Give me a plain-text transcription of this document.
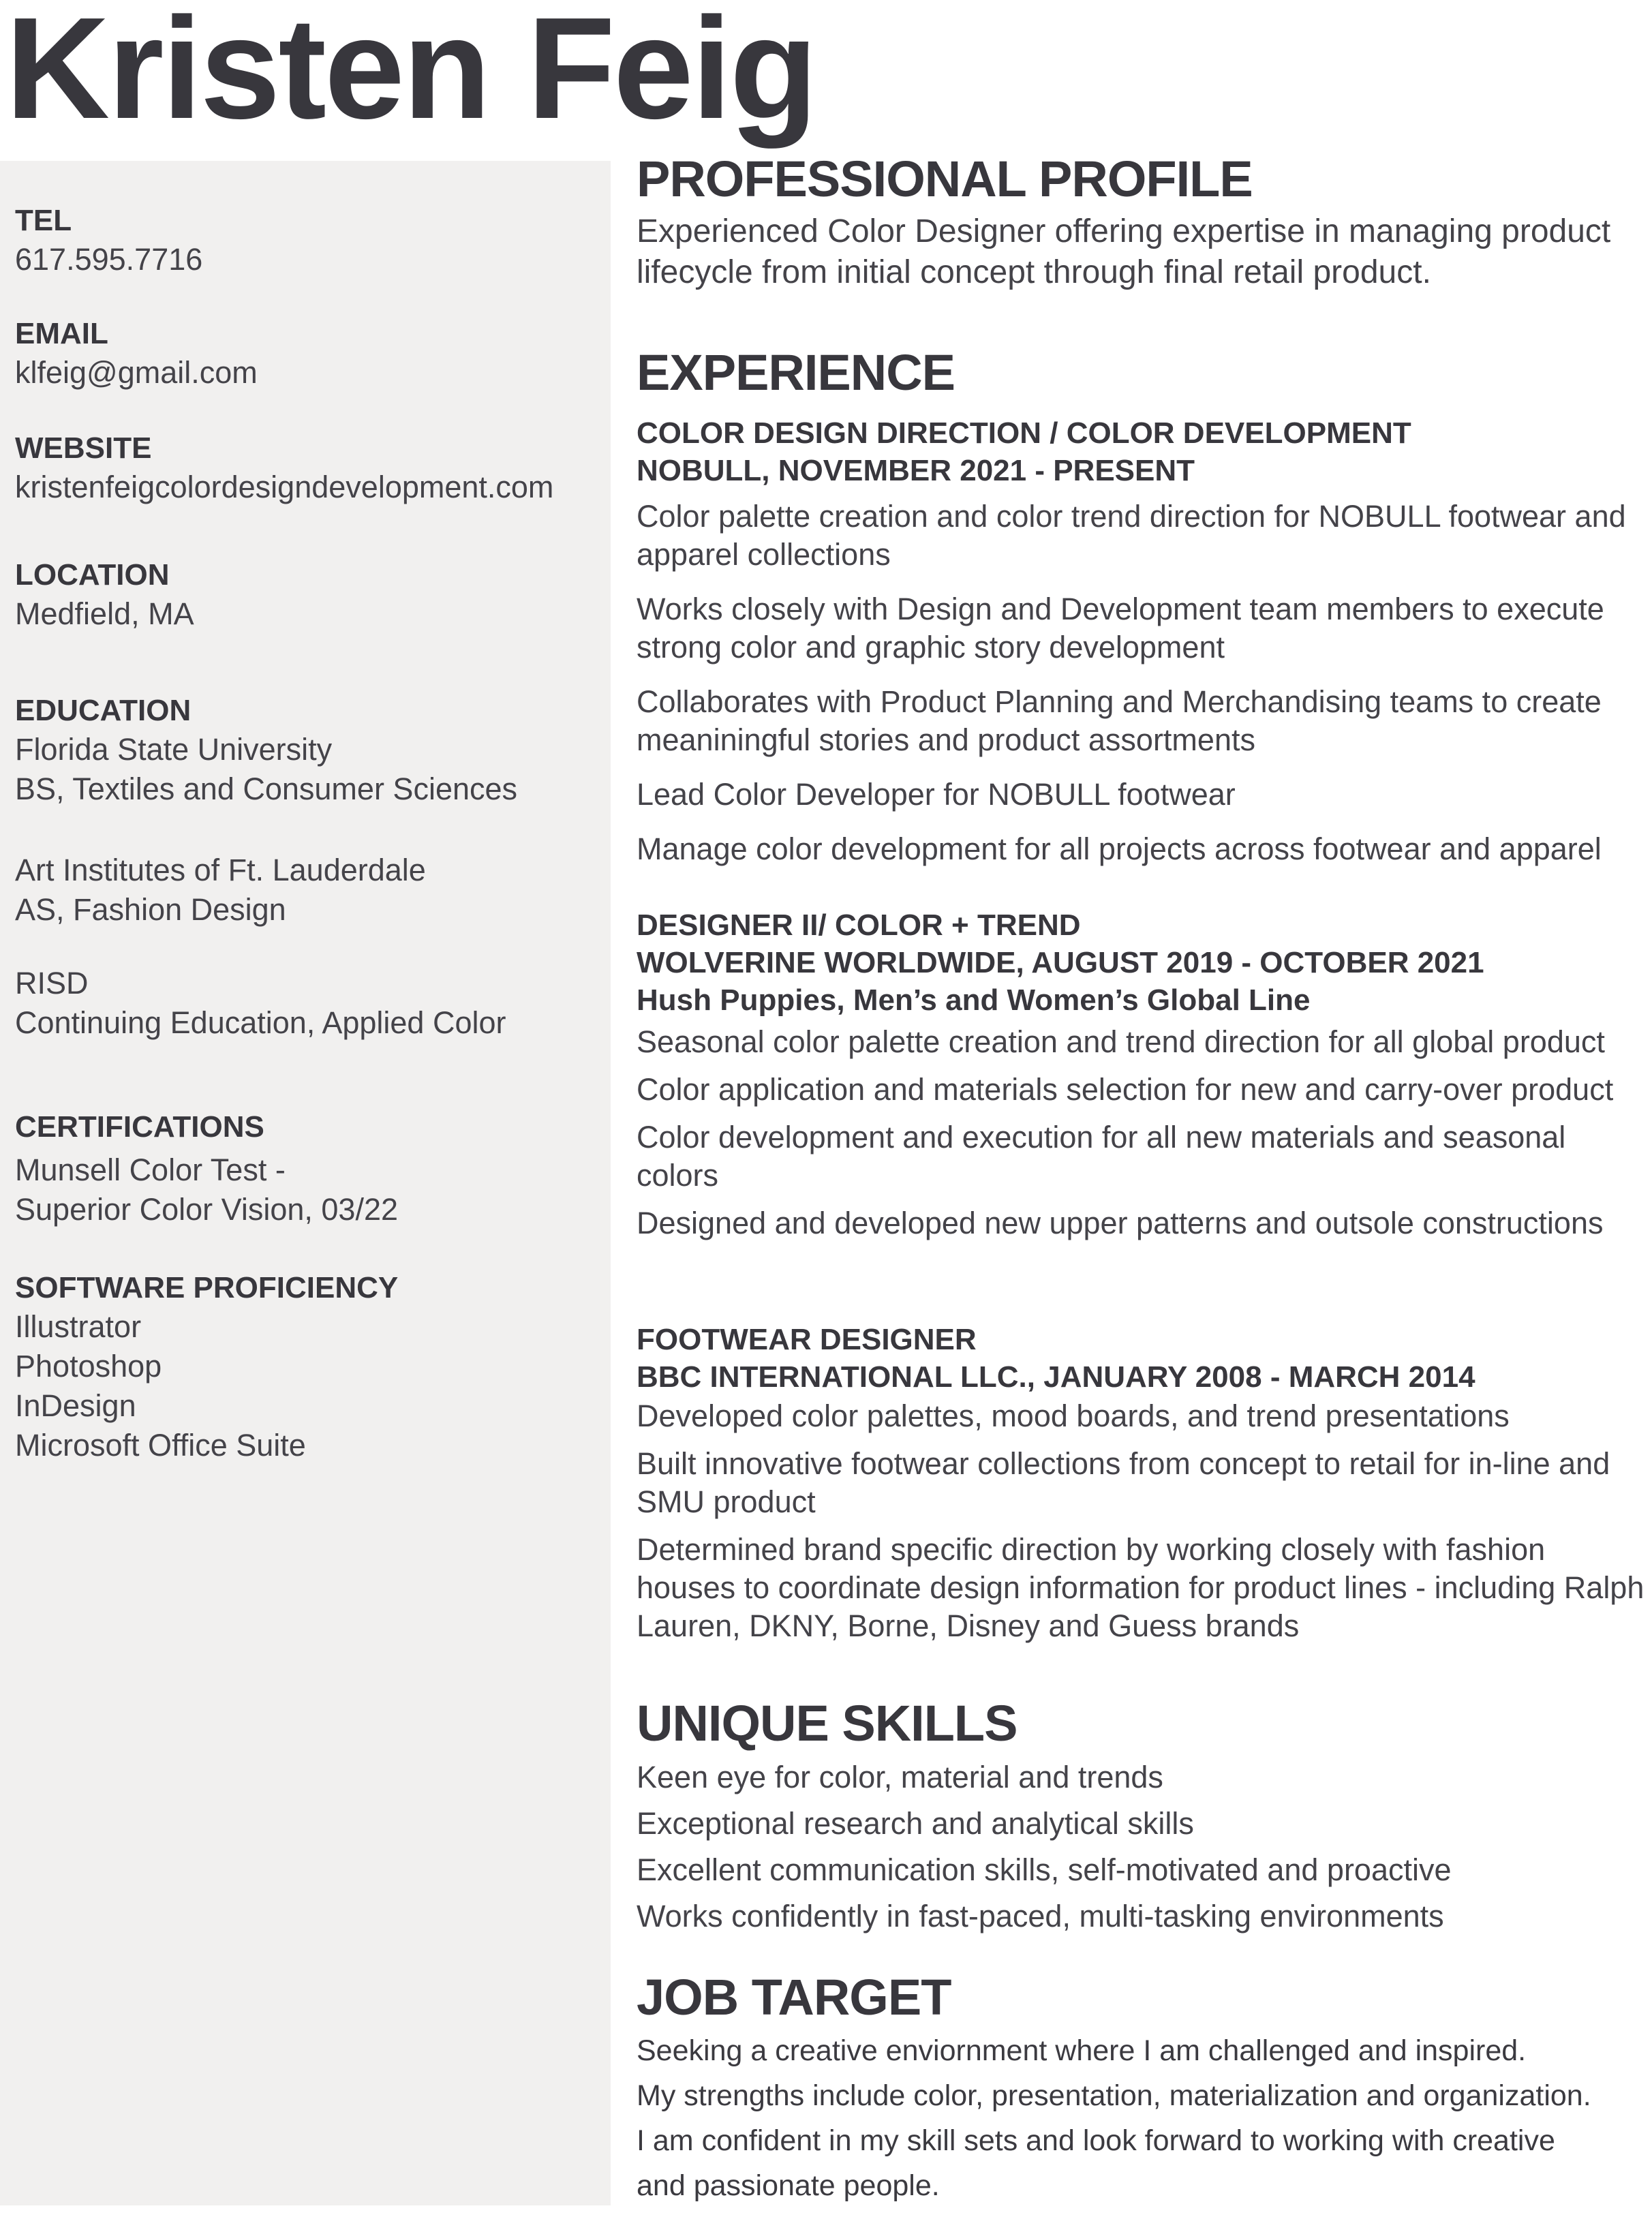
Kristen Feig
TEL
617.595.7716
EMAIL
klfeig@gmail.com
WEBSITE
kristenfeigcolordesigndevelopment.com
LOCATION
Medfield, MA
EDUCATION
Florida State University
BS, Textiles and Consumer Sciences
Art Institutes of Ft. Lauderdale
AS, Fashion Design
RISD
Continuing Education, Applied Color
CERTIFICATIONS
Munsell Color Test -
Superior Color Vision, 03/22
SOFTWARE PROFICIENCY
Illustrator
Photoshop
InDesign
Microsoft Office Suite
PROFESSIONAL PROFILE

Experienced Color Designer offering expertise in managing product lifecycle from initial concept through final retail product.

EXPERIENCE
COLOR DESIGN DIRECTION / COLOR DEVELOPMENT
NOBULL, NOVEMBER 2021 - PRESENT

Color palette creation and color trend direction for NOBULL footwear and apparel collections

Works closely with Design and Development team members to execute strong color and graphic story development

Collaborates with Product Planning and Merchandising teams to create meaniningful stories and product assortments

Lead Color Developer for NOBULL footwear

Manage color development for all projects across footwear and apparel

DESIGNER II/ COLOR + TREND
WOLVERINE WORLDWIDE, AUGUST 2019 - OCTOBER 2021
Hush Puppies, Men’s and Women’s Global Line

Seasonal color palette creation and trend direction for all global product

Color application and materials selection for new and carry-over product

Color development and execution for all new materials and seasonal colors

Designed and developed new upper patterns and outsole constructions

FOOTWEAR DESIGNER
BBC INTERNATIONAL LLC., JANUARY 2008 - MARCH 2014

Developed color palettes, mood boards, and trend presentations

Built innovative footwear collections from concept to retail for in-line and SMU product

Determined brand specific direction by working closely with fashion houses to coordinate design information for product lines - including Ralph Lauren, DKNY, Borne, Disney and Guess brands

UNIQUE SKILLS
Keen eye for color, material and trends
Exceptional research and analytical skills
Excellent communication skills, self-motivated and proactive
Works confidently in fast-paced, multi-tasking environments
JOB TARGET
Seeking a creative enviornment where I am challenged and inspired.
My strengths include color, presentation, materialization and organization.
I am confident in my skill sets and look forward to working with creative
and passionate people.
